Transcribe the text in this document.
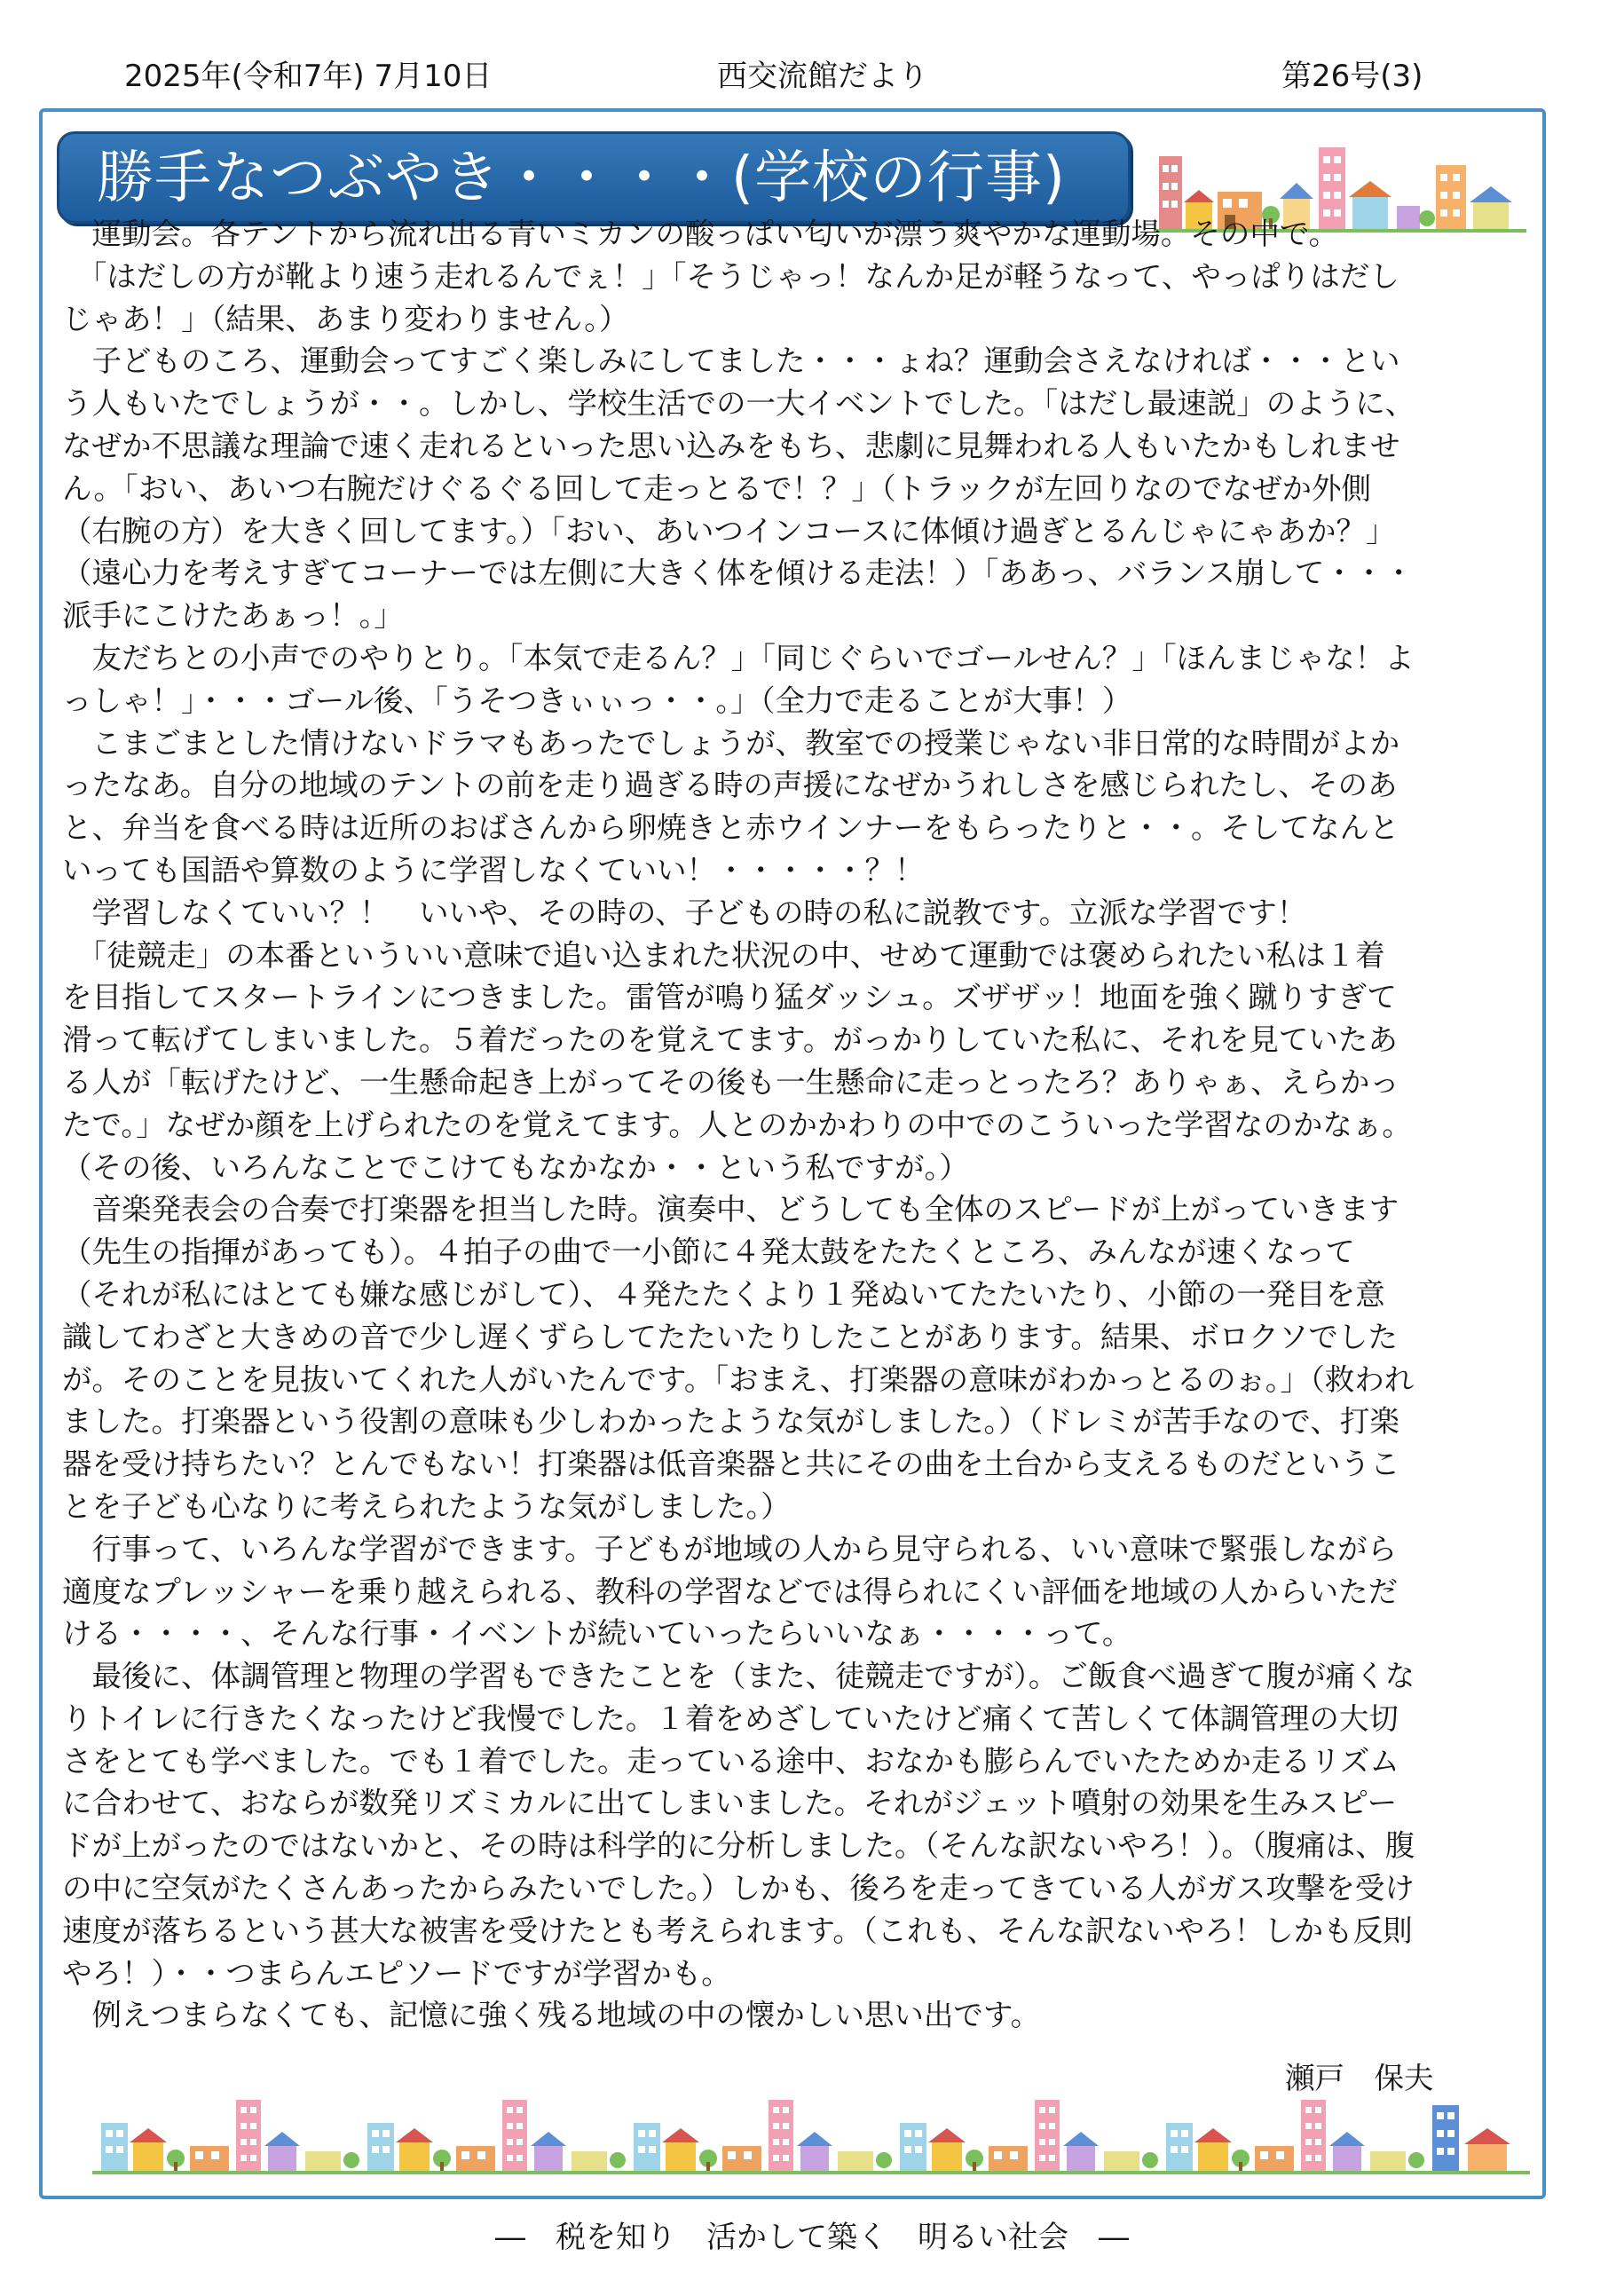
2025年(令和7年) 7月10日	西交流館だより	第26号(3)
勝手なつぶやき・・・・(学校の行事)

　運動会。各テントから流れ出る青いミカンの酸っぱい匂いが漂う爽やかな運動場。その中で。

　「はだしの方が靴より速う走れるんでぇ！」「そうじゃっ！なんか足が軽うなって、やっぱりはだし

じゃあ！」（結果、あまり変わりません。）

　子どものころ、運動会ってすごく楽しみにしてました・・・ょね？運動会さえなければ・・・とい

う人もいたでしょうが・・。しかし、学校生活での一大イベントでした。「はだし最速説」のように、

なぜか不思議な理論で速く走れるといった思い込みをもち、悲劇に見舞われる人もいたかもしれませ

ん。「おい、あいつ右腕だけぐるぐる回して走っとるで！？」（トラックが左回りなのでなぜか外側

（右腕の方）を大きく回してます。）「おい、あいつインコースに体傾け過ぎとるんじゃにゃあか？」

（遠心力を考えすぎてコーナーでは左側に大きく体を傾ける走法！）「ああっ、バランス崩して・・・

派手にこけたあぁっ！。」

　友だちとの小声でのやりとり。「本気で走るん？」「同じぐらいでゴールせん？」「ほんまじゃな！よ

っしゃ！」・・・ゴール後、「うそつきぃぃっ・・。」（全力で走ることが大事！）

　こまごまとした情けないドラマもあったでしょうが、教室での授業じゃない非日常的な時間がよか

ったなあ。自分の地域のテントの前を走り過ぎる時の声援になぜかうれしさを感じられたし、そのあ

と、弁当を食べる時は近所のおばさんから卵焼きと赤ウインナーをもらったりと・・。そしてなんと

いっても国語や算数のように学習しなくていい！・・・・・？！

　学習しなくていい？！　いいや、その時の、子どもの時の私に説教です。立派な学習です！

　「徒競走」の本番といういい意味で追い込まれた状況の中、せめて運動では褒められたい私は１着

を目指してスタートラインにつきました。雷管が鳴り猛ダッシュ。ズザザッ！地面を強く蹴りすぎて

滑って転げてしまいました。５着だったのを覚えてます。がっかりしていた私に、それを見ていたあ

る人が「転げたけど、一生懸命起き上がってその後も一生懸命に走っとったろ？ありゃぁ、えらかっ

たで。」なぜか顔を上げられたのを覚えてます。人とのかかわりの中でのこういった学習なのかなぁ。

（その後、いろんなことでこけてもなかなか・・という私ですが。）

　音楽発表会の合奏で打楽器を担当した時。演奏中、どうしても全体のスピードが上がっていきます

（先生の指揮があっても）。４拍子の曲で一小節に４発太鼓をたたくところ、みんなが速くなって

（それが私にはとても嫌な感じがして）、４発たたくより１発ぬいてたたいたり、小節の一発目を意

識してわざと大きめの音で少し遅くずらしてたたいたりしたことがあります。結果、ボロクソでした

が。そのことを見抜いてくれた人がいたんです。「おまえ、打楽器の意味がわかっとるのぉ。」（救われ

ました。打楽器という役割の意味も少しわかったような気がしました。）（ドレミが苦手なので、打楽

器を受け持ちたい？とんでもない！打楽器は低音楽器と共にその曲を土台から支えるものだというこ

とを子ども心なりに考えられたような気がしました。）

　行事って、いろんな学習ができます。子どもが地域の人から見守られる、いい意味で緊張しながら

適度なプレッシャーを乗り越えられる、教科の学習などでは得られにくい評価を地域の人からいただ

ける・・・・、そんな行事・イベントが続いていったらいいなぁ・・・・って。

　最後に、体調管理と物理の学習もできたことを（また、徒競走ですが）。ご飯食べ過ぎて腹が痛くな

りトイレに行きたくなったけど我慢でした。１着をめざしていたけど痛くて苦しくて体調管理の大切

さをとても学べました。でも１着でした。走っている途中、おなかも膨らんでいたためか走るリズム

に合わせて、おならが数発リズミカルに出てしまいました。それがジェット噴射の効果を生みスピー

ドが上がったのではないかと、その時は科学的に分析しました。（そんな訳ないやろ！）。（腹痛は、腹

の中に空気がたくさんあったからみたいでした。）しかも、後ろを走ってきている人がガス攻撃を受け

速度が落ちるという甚大な被害を受けたとも考えられます。（これも、そんな訳ないやろ！しかも反則

やろ！）・・つまらんエピソードですが学習かも。

　例えつまらなくても、記憶に強く残る地域の中の懐かしい思い出です。

瀬戸　保夫
―　税を知り　活かして築く　明るい社会　―
